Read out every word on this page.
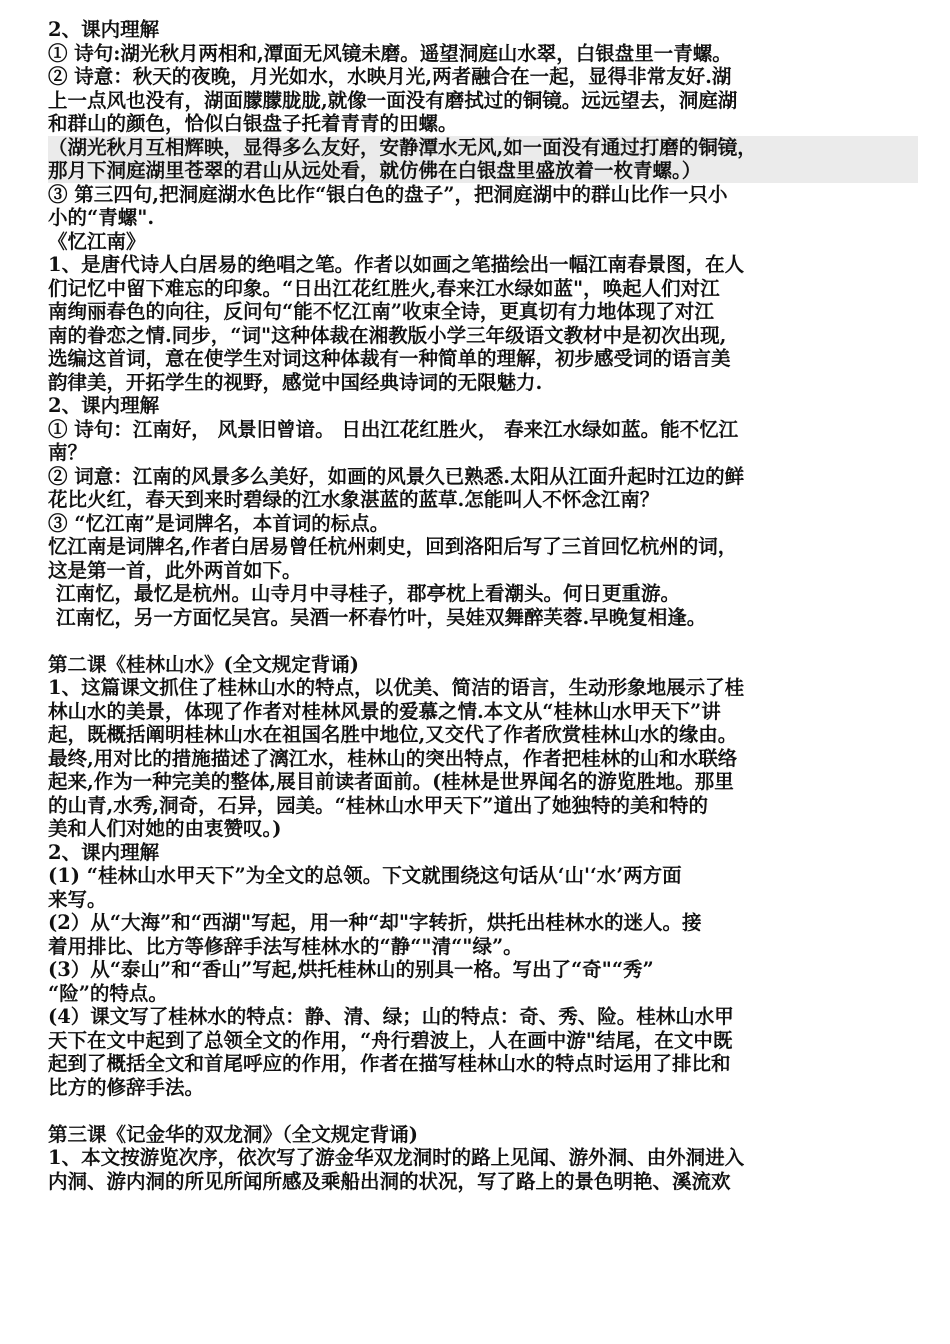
2、课内理解
① 诗句:湖光秋月两相和,潭面无风镜未磨。遥望洞庭山水翠，白银盘里一青螺。
② 诗意：秋天的夜晚，月光如水，水映月光,两者融合在一起，显得非常友好.湖
上一点风也没有，湖面朦朦胧胧,就像一面没有磨拭过的铜镜。远远望去，洞庭湖
和群山的颜色，恰似白银盘子托着青青的田螺。
（湖光秋月互相辉映，显得多么友好，安静潭水无风,如一面没有通过打磨的铜镜，
那月下洞庭湖里苍翠的君山从远处看，就仿佛在白银盘里盛放着一枚青螺。）
③ 第三四句,把洞庭湖水色比作“银白色的盘子”，把洞庭湖中的群山比作一只小
小的“青螺".
《忆江南》
1、是唐代诗人白居易的绝唱之笔。作者以如画之笔描绘出一幅江南春景图，在人
们记忆中留下难忘的印象。“日出江花红胜火,春来江水绿如蓝"，唤起人们对江
南绚丽春色的向往，反问句“能不忆江南”收束全诗，更真切有力地体现了对江
南的眷恋之情.同步，“词"这种体裁在湘教版小学三年级语文教材中是初次出现,
选编这首词，意在使学生对词这种体裁有一种简单的理解，初步感受词的语言美
韵律美，开拓学生的视野，感觉中国经典诗词的无限魅力.
2、课内理解
① 诗句：江南好， 风景旧曾谙。 日出江花红胜火， 春来江水绿如蓝。能不忆江
南？
② 词意：江南的风景多么美好，如画的风景久已熟悉.太阳从江面升起时江边的鲜
花比火红，春天到来时碧绿的江水象湛蓝的蓝草.怎能叫人不怀念江南？
③ “忆江南”是词牌名，本首词的标点。
忆江南是词牌名,作者白居易曾任杭州刺史，回到洛阳后写了三首回忆杭州的词，
这是第一首，此外两首如下。
江南忆，最忆是杭州。山寺月中寻桂子，郡亭枕上看潮头。何日更重游。
江南忆，另一方面忆吴宫。吴酒一杯春竹叶，吴娃双舞醉芙蓉.早晚复相逢。
第二课《桂林山水》(全文规定背诵)
1、这篇课文抓住了桂林山水的特点，以优美、简洁的语言，生动形象地展示了桂
林山水的美景，体现了作者对桂林风景的爱慕之情.本文从“桂林山水甲天下”讲
起，既概括阐明桂林山水在祖国名胜中地位,又交代了作者欣赏桂林山水的缘由。
最终,用对比的措施描述了漓江水，桂林山的突出特点，作者把桂林的山和水联络
起来,作为一种完美的整体,展目前读者面前。(桂林是世界闻名的游览胜地。那里
的山青,水秀,洞奇，石异，园美。“桂林山水甲天下”道出了她独特的美和特的
美和人们对她的由衷赞叹。)
2、课内理解
(1) “桂林山水甲天下”为全文的总领。下文就围绕这句话从‘山'‘水’两方面
来写。
(2）从“大海”和“西湖"写起，用一种“却"字转折，烘托出桂林水的迷人。接
着用排比、比方等修辞手法写桂林水的“静“"清“"绿”。
(3）从“泰山”和“香山”写起,烘托桂林山的别具一格。写出了“奇"“秀”
“险”的特点。
(4）课文写了桂林水的特点：静、清、绿；山的特点：奇、秀、险。桂林山水甲
天下在文中起到了总领全文的作用，“舟行碧波上，人在画中游"结尾，在文中既
起到了概括全文和首尾呼应的作用，作者在描写桂林山水的特点时运用了排比和
比方的修辞手法。
第三课《记金华的双龙洞》（全文规定背诵)
1、本文按游览次序，依次写了游金华双龙洞时的路上见闻、游外洞、由外洞进入
内洞、游内洞的所见所闻所感及乘船出洞的状况，写了路上的景色明艳、溪流欢
